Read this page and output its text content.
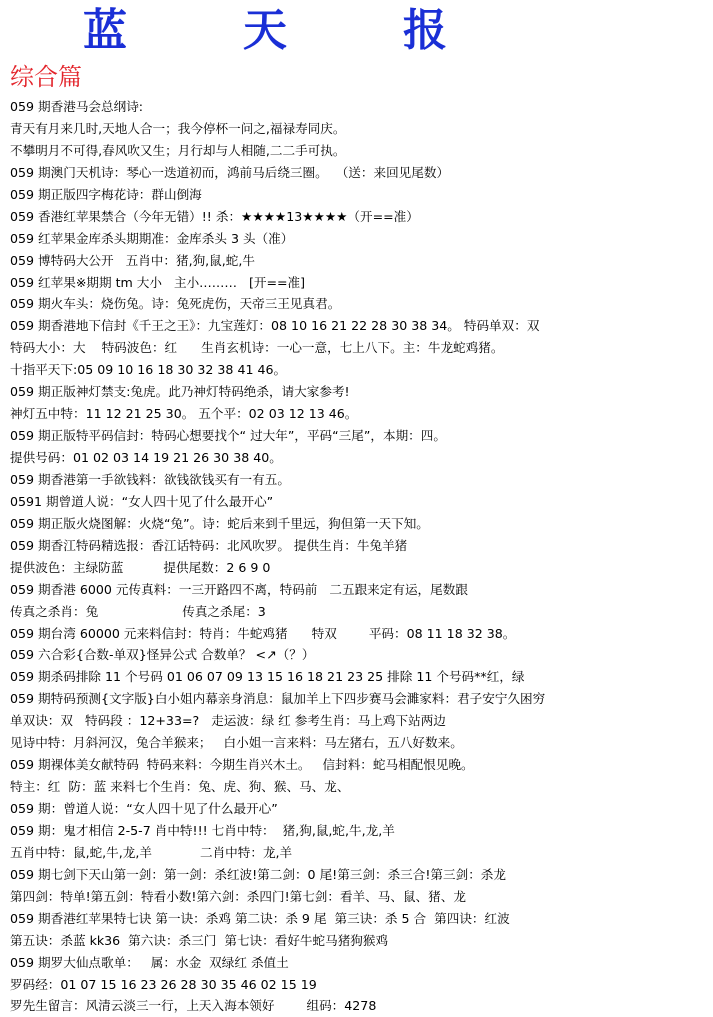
蓝	天	报
综合篇
059 期香港马会总纲诗:
青天有月来几时,天地人合一；我今停杯一问之,福禄寿同庆。
不攀明月不可得,春风吹又生；月行却与人相随,二二手可执。
059 期澳门天机诗：琴心一迭道初而，鸿前马后绕三圈。  （送：来回见尾数）
059 期正版四字梅花诗：群山倒海
059 香港红苹果禁合（今年无错）!! 杀：★★★★13★★★★（开==准）
059 红苹果金库杀头期期准：金库杀头 3 头（准）
059 博特码大公开   五肖中：猪,狗,鼠,蛇,牛
059 红苹果※期期 tm 大小   主小………   [开==准]
059 期火车头：烧伤兔。诗：兔死虎伤，天帝三王见真君。
059 期香港地下信封《千王之王》：九宝莲灯：08 10 16 21 22 28 30 38 34。 特码单双：双
特码大小：大    特码波色：红      生肖玄机诗：一心一意，七上八下。主：牛龙蛇鸡猪。
十指平天下:05 09 10 16 18 30 32 38 41 46。
059 期正版神灯禁支:兔虎。此乃神灯特码绝杀，请大家参考!
神灯五中特：11 12 21 25 30。 五个平：02 03 12 13 46。
059 期正版特平码信封：特码心想要找个“ 过大年”，平码“三尾”，本期：四。
提供号码：01 02 03 14 19 21 26 30 38 40。
059 期香港第一手欲钱料：欲钱欲钱买有一有五。
0591 期曾道人说：“女人四十见了什么最开心”
059 期正版火烧图解：火烧“兔”。诗：蛇后来到千里远，狗但第一天下知。
059 期香江特码精选报：香江话特码：北风吹罗。 提供生肖：牛兔羊猪
提供波色：主绿防蓝          提供尾数：2 6 9 0
059 期香港 6000 元传真料：一三开路四不离，特码前   二五跟来定有运，尾数跟
传真之杀肖：兔                     传真之杀尾：3
059 期台湾 60000 元来料信封：特肖：牛蛇鸡猪      特双        平码：08 11 18 32 38。
059 六合彩{合数-单双}怪异公式 合数单？ <↗（？）
059 期杀码排除 11 个号码 01 06 07 09 13 15 16 18 21 23 25 排除 11 个号码**红，绿
059 期特码预测{文字版}白小姐内幕亲身消息：鼠加羊上下四步赛马会濉家料：君子安宁久困穷
单双诀：双   特码段 ：12+33=?   走运波：绿 红 参考生肖：马上鸡下站两边
见诗中特：月斜河汉，兔合羊猴来；   白小姐一言来料：马左猪右，五八好数来。
059 期裸体美女献特码  特码来料：今期生肖兴木土。   信封料：蛇马相配恨见晚。
特主：红  防：蓝 来料七个生肖：兔、虎、狗、猴、马、龙、
059 期：曾道人说：“女人四十见了什么最开心”
059 期：鬼才相信 2-5-7 肖中特!!! 七肖中特：  猪,狗,鼠,蛇,牛,龙,羊
五肖中特：鼠,蛇,牛,龙,羊            二肖中特：龙,羊
059 期七剑下天山第一剑：第一剑：杀红波!第二剑：0 尾!第三剑：杀三合!第三剑：杀龙
第四剑：特单!第五剑：特看小数!第六剑：杀四门!第七剑：看羊、马、鼠、猪、龙
059 期香港红苹果特七诀 第一诀：杀鸡 第二诀：杀 9 尾  第三诀：杀 5 合  第四诀：红波
第五诀：杀蓝 kk36  第六诀：杀三门  第七诀：看好牛蛇马猪狗猴鸡
059 期罗大仙点歌单：   属：水金  双绿红 杀值土
罗码经：01 07 15 16 23 26 28 30 35 46 02 15 19
罗先生留言：风清云淡三一行，上天入海本领好        组码：4278
